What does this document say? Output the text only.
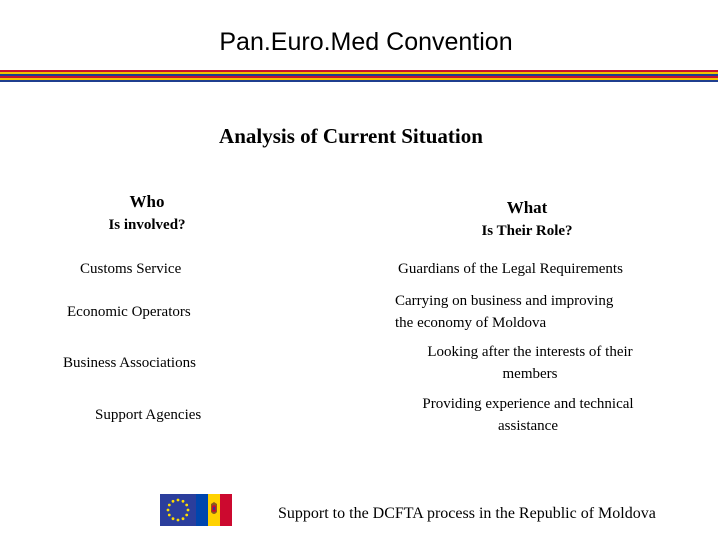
Pan.Euro.Med Convention
Analysis of Current Situation
Who
Is involved?
What
Is Their Role?
Customs Service	Guardians of the Legal Requirements
Economic Operators
Carrying on business and improving
the economy of Moldova
Business Associations
Looking after the interests of their
members
Support Agencies
Providing experience and technical
assistance
Support to the DCFTA process in the Republic of Moldova
